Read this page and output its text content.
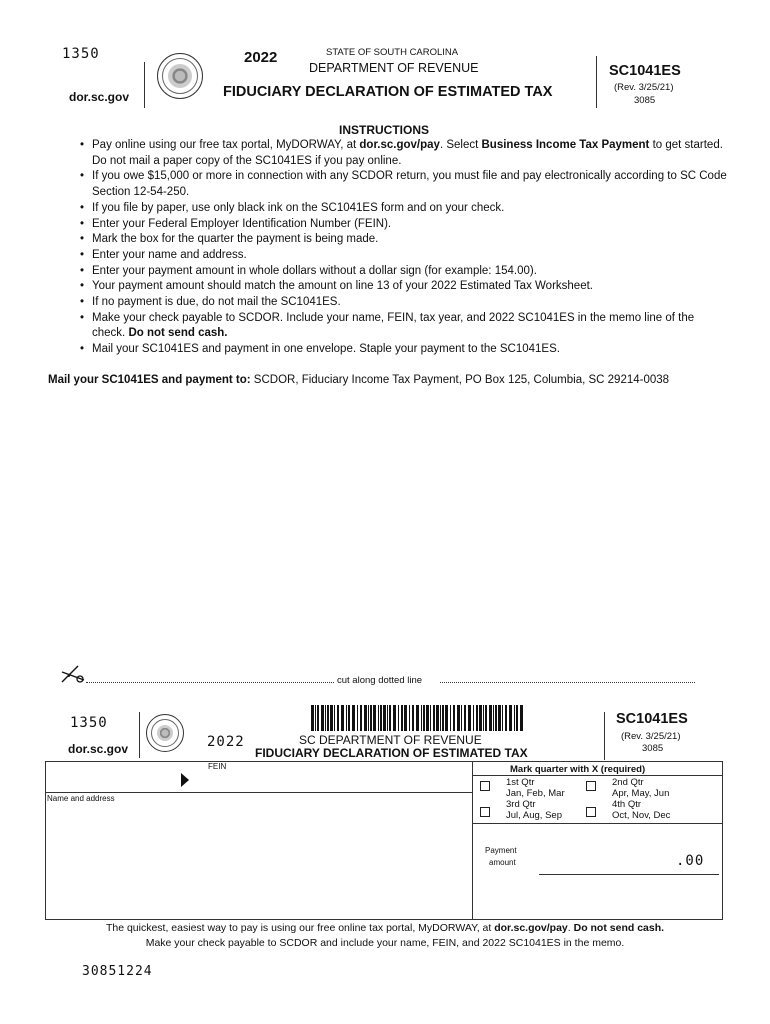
1350
dor.sc.gov
2022	STATE OF SOUTH CAROLINA
DEPARTMENT OF REVENUE
FIDUCIARY DECLARATION OF ESTIMATED TAX
SC1041ES
(Rev. 3/25/21)
3085
INSTRUCTIONS
• Pay online using our free tax portal, MyDORWAY, at dor.sc.gov/pay. Select Business Income Tax Payment to get started. Do not mail a paper copy of the SC1041ES if you pay online.
• If you owe $15,000 or more in connection with any SCDOR return, you must file and pay electronically according to SC Code Section 12-54-250.
• If you file by paper, use only black ink on the SC1041ES form and on your check.
• Enter your Federal Employer Identification Number (FEIN).
• Mark the box for the quarter the payment is being made.
• Enter your name and address.
• Enter your payment amount in whole dollars without a dollar sign (for example: 154.00).
• Your payment amount should match the amount on line 13 of your 2022 Estimated Tax Worksheet.
• If no payment is due, do not mail the SC1041ES.
• Make your check payable to SCDOR. Include your name, FEIN, tax year, and 2022 SC1041ES in the memo line of the check. Do not send cash.
• Mail your SC1041ES and payment in one envelope. Staple your payment to the SC1041ES.
Mail your SC1041ES and payment to: SCDOR, Fiduciary Income Tax Payment, PO Box 125, Columbia, SC 29214-0038
cut along dotted line
1350
dor.sc.gov	2022	SC DEPARTMENT OF REVENUE
FIDUCIARY DECLARATION OF ESTIMATED TAX
SC1041ES
(Rev. 3/25/21)
3085
FEIN
Name and address
Mark quarter with X (required)
1st Qtr
Jan, Feb, Mar
2nd Qtr
Apr, May, Jun
3rd Qtr
Jul, Aug, Sep
4th Qtr
Oct, Nov, Dec
Payment
amount	.00
The quickest, easiest way to pay is using our free online tax portal, MyDORWAY, at dor.sc.gov/pay. Do not send cash.
Make your check payable to SCDOR and include your name, FEIN, and 2022 SC1041ES in the memo.
30851224
